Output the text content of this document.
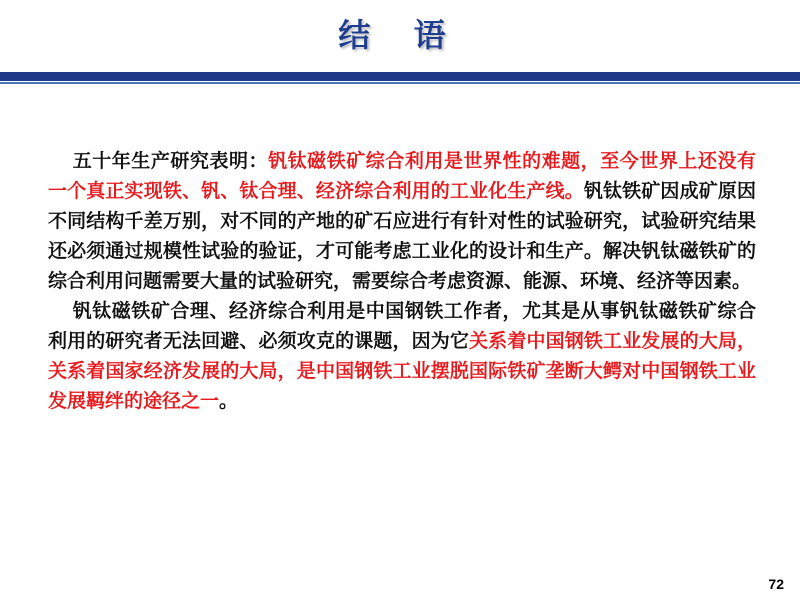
结 语

五十年生产研究表明：钒钛磁铁矿综合利用是世界性的难题，至今世界上还没有一个真正实现铁、钒、钛合理、经济综合利用的工业化生产线。钒钛铁矿因成矿原因不同结构千差万别，对不同的产地的矿石应进行有针对性的试验研究，试验研究结果还必须通过规模性试验的验证，才可能考虑工业化的设计和生产。解决钒钛磁铁矿的综合利用问题需要大量的试验研究，需要综合考虑资源、能源、环境、经济等因素。

钒钛磁铁矿合理、经济综合利用是中国钢铁工作者，尤其是从事钒钛磁铁矿综合利用的研究者无法回避、必须攻克的课题，因为它关系着中国钢铁工业发展的大局，关系着国家经济发展的大局，是中国钢铁工业摆脱国际铁矿垄断大鳄对中国钢铁工业发展羁绊的途径之一。

72
